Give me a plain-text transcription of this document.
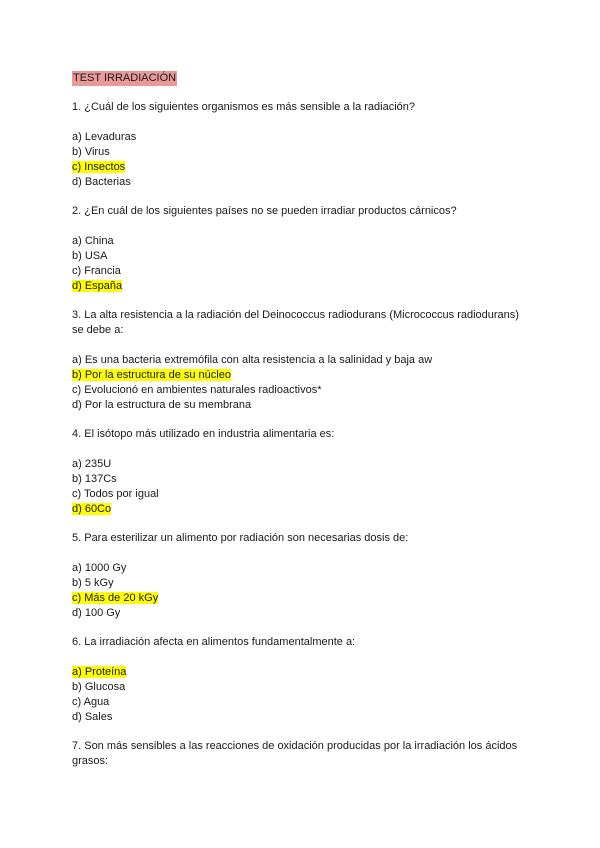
TEST IRRADIACIÓN
1. ¿Cuál de los siguientes organismos es más sensible a la radiación?
a) Levaduras
b) Virus
c) Insectos
d) Bacterias
2. ¿En cuál de los siguientes países no se pueden irradiar productos cárnicos?
a) China
b) USA
c) Francia
d) España
3. La alta resistencia a la radiación del Deinococcus radiodurans (Micrococcus radiodurans) se debe a:
a) Es una bacteria extremófila con alta resistencia a la salinidad y baja aw
b) Por la estructura de su núcleo
c) Evolucionó en ambientes naturales radioactivos*
d) Por la estructura de su membrana
4. El isótopo más utilizado en industria alimentaria es:
a) 235U
b) 137Cs
c) Todos por igual
d) 60Co
5. Para esterilizar un alimento por radiación son necesarias dosis de:
a) 1000 Gy
b) 5 kGy
c) Más de 20 kGy
d) 100 Gy
6. La irradiación afecta en alimentos fundamentalmente a:
a) Proteína
b) Glucosa
c) Agua
d) Sales
7. Son más sensibles a las reacciones de oxidación producidas por la irradiación los ácidos grasos:
